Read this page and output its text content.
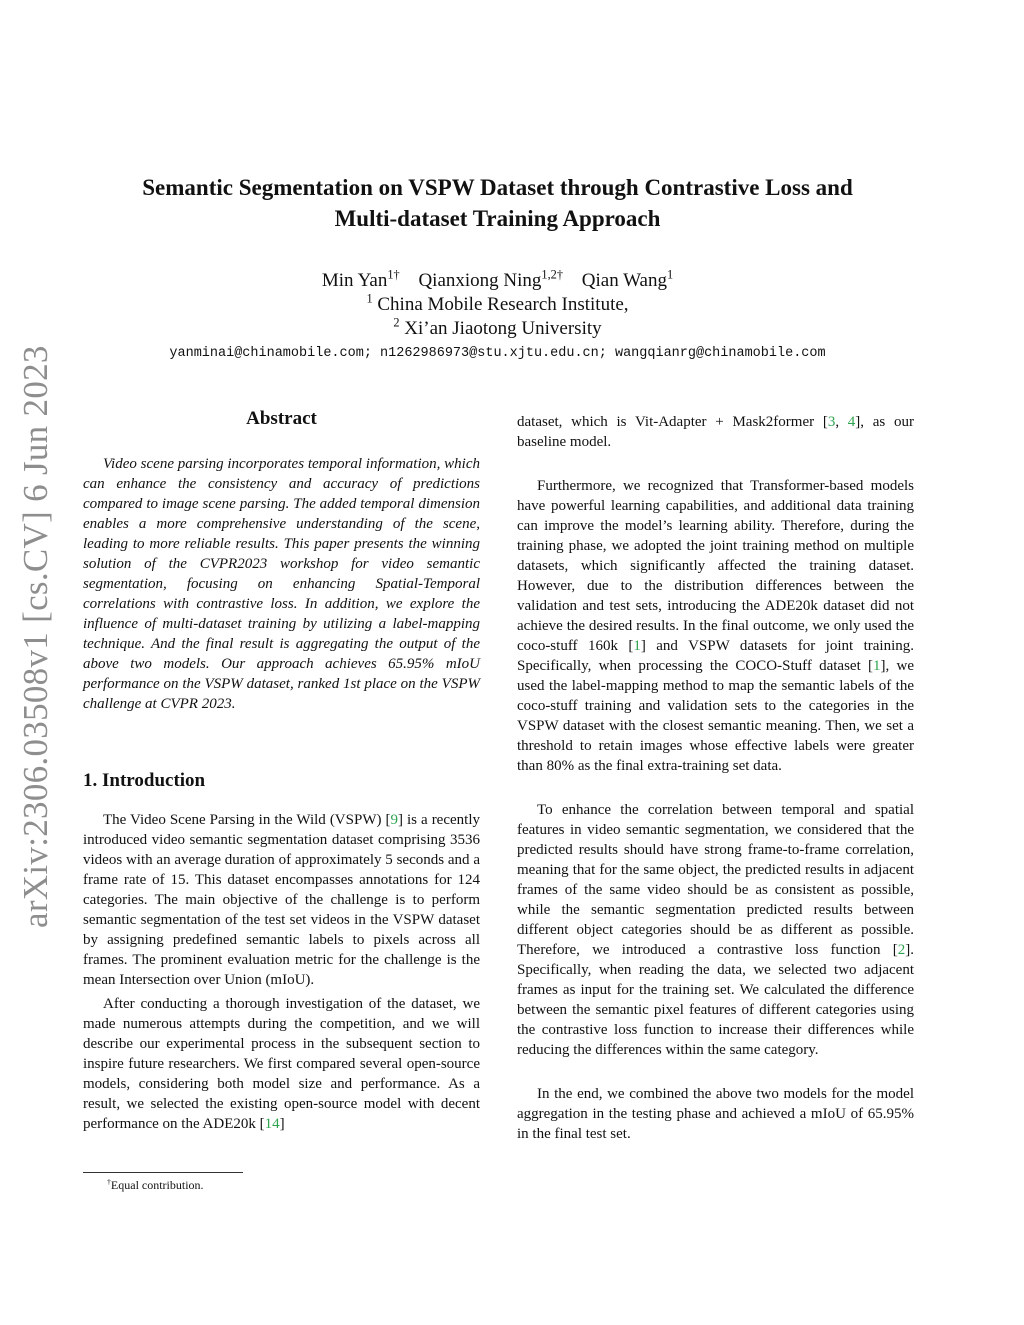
arXiv:2306.03508v1 [cs.CV] 6 Jun 2023
Semantic Segmentation on VSPW Dataset through Contrastive Loss and
Multi-dataset Training Approach
Min Yan$^{1\dagger}$ Qianxiong Ning$^{1,2\dagger}$ Qian Wang$^1$
$^1$ China Mobile Research Institute,
$^2$ Xi’an Jiaotong University
yanminai@chinamobile.com; n1262986973@stu.xjtu.edu.cn; wangqianrg@chinamobile.com
Abstract

Video scene parsing incorporates temporal information, which can enhance the consistency and accuracy of predictions compared to image scene parsing. The added temporal dimension enables a more comprehensive understanding of the scene, leading to more reliable results. This paper presents the winning solution of the CVPR2023 workshop for video semantic segmentation, focusing on enhancing Spatial-Temporal correlations with contrastive loss. In addition, we explore the influence of multi-dataset training by utilizing a label-mapping technique. And the final result is aggregating the output of the above two models. Our approach achieves 65.95% mIoU performance on the VSPW dataset, ranked 1st place on the VSPW challenge at CVPR 2023.

1. Introduction

The Video Scene Parsing in the Wild (VSPW) [9] is a recently introduced video semantic segmentation dataset comprising 3536 videos with an average duration of approximately 5 seconds and a frame rate of 15. This dataset encompasses annotations for 124 categories. The main objective of the challenge is to perform semantic segmentation of the test set videos in the VSPW dataset by assigning predefined semantic labels to pixels across all frames. The prominent evaluation metric for the challenge is the mean Intersection over Union (mIoU).

After conducting a thorough investigation of the dataset, we made numerous attempts during the competition, and we will describe our experimental process in the subsequent section to inspire future researchers. We first compared several open-source models, considering both model size and performance. As a result, we selected the existing open-source model with decent performance on the ADE20k [14]

dataset, which is Vit-Adapter + Mask2former [3, 4], as our baseline model.

Furthermore, we recognized that Transformer-based models have powerful learning capabilities, and additional data training can improve the model’s learning ability. Therefore, during the training phase, we adopted the joint training method on multiple datasets, which significantly affected the training dataset. However, due to the distribution differences between the validation and test sets, introducing the ADE20k dataset did not achieve the desired results. In the final outcome, we only used the coco-stuff 160k [1] and VSPW datasets for joint training. Specifically, when processing the COCO-Stuff dataset [1], we used the label-mapping method to map the semantic labels of the coco-stuff training and validation sets to the categories in the VSPW dataset with the closest semantic meaning. Then, we set a threshold to retain images whose effective labels were greater than 80% as the final extra-training set data.

To enhance the correlation between temporal and spatial features in video semantic segmentation, we considered that the predicted results should have strong frame-to-frame correlation, meaning that for the same object, the predicted results in adjacent frames of the same video should be as consistent as possible, while the semantic segmentation predicted results between different object categories should be as different as possible. Therefore, we introduced a contrastive loss function [2]. Specifically, when reading the data, we selected two adjacent frames as input for the training set. We calculated the difference between the semantic pixel features of different categories using the contrastive loss function to increase their differences while reducing the differences within the same category.

In the end, we combined the above two models for the model aggregation in the testing phase and achieved a mIoU of 65.95% in the final test set.

†Equal contribution.
